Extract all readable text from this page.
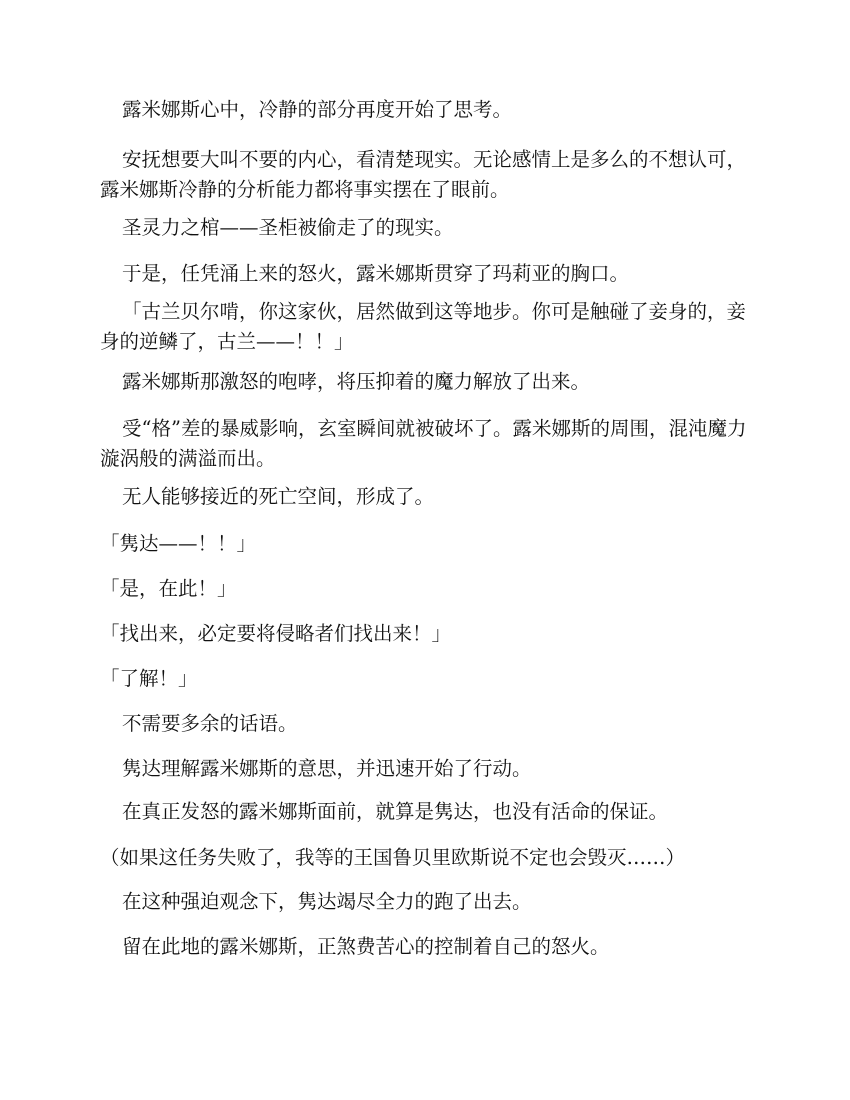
露米娜斯心中，冷静的部分再度开始了思考。

安抚想要大叫不要的内心，看清楚现实。无论感情上是多么的不想认可，露米娜斯冷静的分析能力都将事实摆在了眼前。

圣灵力之棺——圣柜被偷走了的现实。

于是，任凭涌上来的怒火，露米娜斯贯穿了玛莉亚的胸口。

「古兰贝尔啃，你这家伙，居然做到这等地步。你可是触碰了妾身的，妾身的逆鳞了，古兰——！！」

露米娜斯那激怒的咆哮，将压抑着的魔力解放了出来。

受“格”差的暴威影响，玄室瞬间就被破坏了。露米娜斯的周围，混沌魔力漩涡般的满溢而出。

无人能够接近的死亡空间，形成了。

「隽达——！！」

「是，在此！」

「找出来，必定要将侵略者们找出来！」

「了解！」

不需要多余的话语。

隽达理解露米娜斯的意思，并迅速开始了行动。

在真正发怒的露米娜斯面前，就算是隽达，也没有活命的保证。

（如果这任务失败了，我等的王国鲁贝里欧斯说不定也会毁灭……）

在这种强迫观念下，隽达竭尽全力的跑了出去。

留在此地的露米娜斯，正煞费苦心的控制着自己的怒火。
